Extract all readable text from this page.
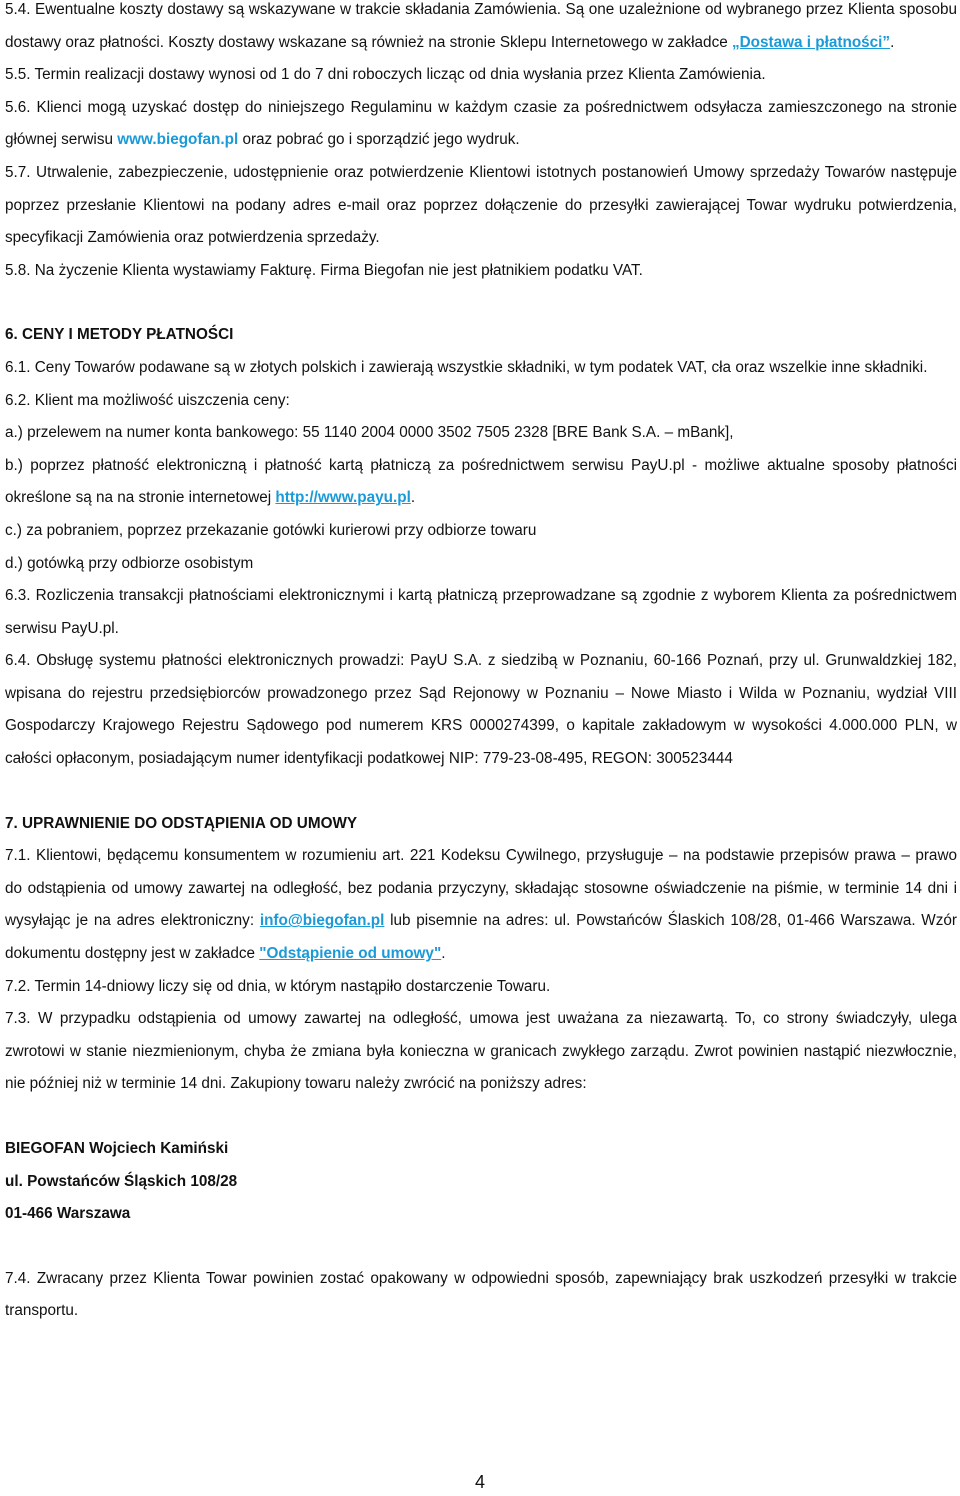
5.4. Ewentualne koszty dostawy są wskazywane w trakcie składania Zamówienia. Są one uzależnione od wybranego przez Klienta sposobu dostawy oraz płatności. Koszty dostawy wskazane są również na stronie Sklepu Internetowego w zakładce „Dostawa i płatności”.

5.5. Termin realizacji dostawy wynosi od 1 do 7 dni roboczych licząc od dnia wysłania przez Klienta Zamówienia.

5.6. Klienci mogą uzyskać dostęp do niniejszego Regulaminu w każdym czasie za pośrednictwem odsyłacza zamieszczonego na stronie głównej serwisu www.biegofan.pl oraz pobrać go i sporządzić jego wydruk.

5.7. Utrwalenie, zabezpieczenie, udostępnienie oraz potwierdzenie Klientowi istotnych postanowień Umowy sprzedaży Towarów następuje poprzez przesłanie Klientowi na podany adres e-mail oraz poprzez dołączenie do przesyłki zawierającej Towar wydruku potwierdzenia, specyfikacji Zamówienia oraz potwierdzenia sprzedaży.

5.8. Na życzenie Klienta wystawiamy Fakturę. Firma Biegofan nie jest płatnikiem podatku VAT.

6. CENY I METODY PŁATNOŚCI

6.1. Ceny Towarów podawane są w złotych polskich i zawierają wszystkie składniki, w tym podatek VAT, cła oraz wszelkie inne składniki.

6.2. Klient ma możliwość uiszczenia ceny:

a.) przelewem na numer konta bankowego: 55 1140 2004 0000 3502 7505 2328 [BRE Bank S.A. – mBank],

b.) poprzez płatność elektroniczną i płatność kartą płatniczą za pośrednictwem serwisu PayU.pl - możliwe aktualne sposoby płatności określone są na na stronie internetowej http://www.payu.pl.

c.) za pobraniem, poprzez przekazanie gotówki kurierowi przy odbiorze towaru

d.) gotówką przy odbiorze osobistym

6.3. Rozliczenia transakcji płatnościami elektronicznymi i kartą płatniczą przeprowadzane są zgodnie z wyborem Klienta za pośrednictwem serwisu PayU.pl.

6.4. Obsługę systemu płatności elektronicznych prowadzi: PayU S.A. z siedzibą w Poznaniu, 60-166 Poznań, przy ul. Grunwaldzkiej 182, wpisana do rejestru przedsiębiorców prowadzonego przez Sąd Rejonowy w Poznaniu – Nowe Miasto i Wilda w Poznaniu, wydział VIII Gospodarczy Krajowego Rejestru Sądowego pod numerem KRS 0000274399, o kapitale zakładowym w wysokości 4.000.000 PLN, w całości opłaconym, posiadającym numer identyfikacji podatkowej NIP: 779-23-08-495, REGON: 300523444

7. UPRAWNIENIE DO ODSTĄPIENIA OD UMOWY

7.1. Klientowi, będącemu konsumentem w rozumieniu art. 221 Kodeksu Cywilnego, przysługuje – na podstawie przepisów prawa – prawo do odstąpienia od umowy zawartej na odległość, bez podania przyczyny, składając stosowne oświadczenie na piśmie, w terminie 14 dni i wysyłając je na adres elektroniczny: info@biegofan.pl lub pisemnie na adres: ul. Powstańców Ślaskich 108/28, 01-466 Warszawa. Wzór dokumentu dostępny jest w zakładce "Odstąpienie od umowy".

7.2. Termin 14-dniowy liczy się od dnia, w którym nastąpiło dostarczenie Towaru.

7.3. W przypadku odstąpienia od umowy zawartej na odległość, umowa jest uważana za niezawartą. To, co strony świadczyły, ulega zwrotowi w stanie niezmienionym, chyba że zmiana była konieczna w granicach zwykłego zarządu. Zwrot powinien nastąpić niezwłocznie, nie później niż w terminie 14 dni. Zakupiony towaru należy zwrócić na poniższy adres:

BIEGOFAN Wojciech Kamiński

ul. Powstańców Śląskich 108/28

01-466 Warszawa

7.4. Zwracany przez Klienta Towar powinien zostać opakowany w odpowiedni sposób, zapewniający brak uszkodzeń przesyłki w trakcie transportu.

4
